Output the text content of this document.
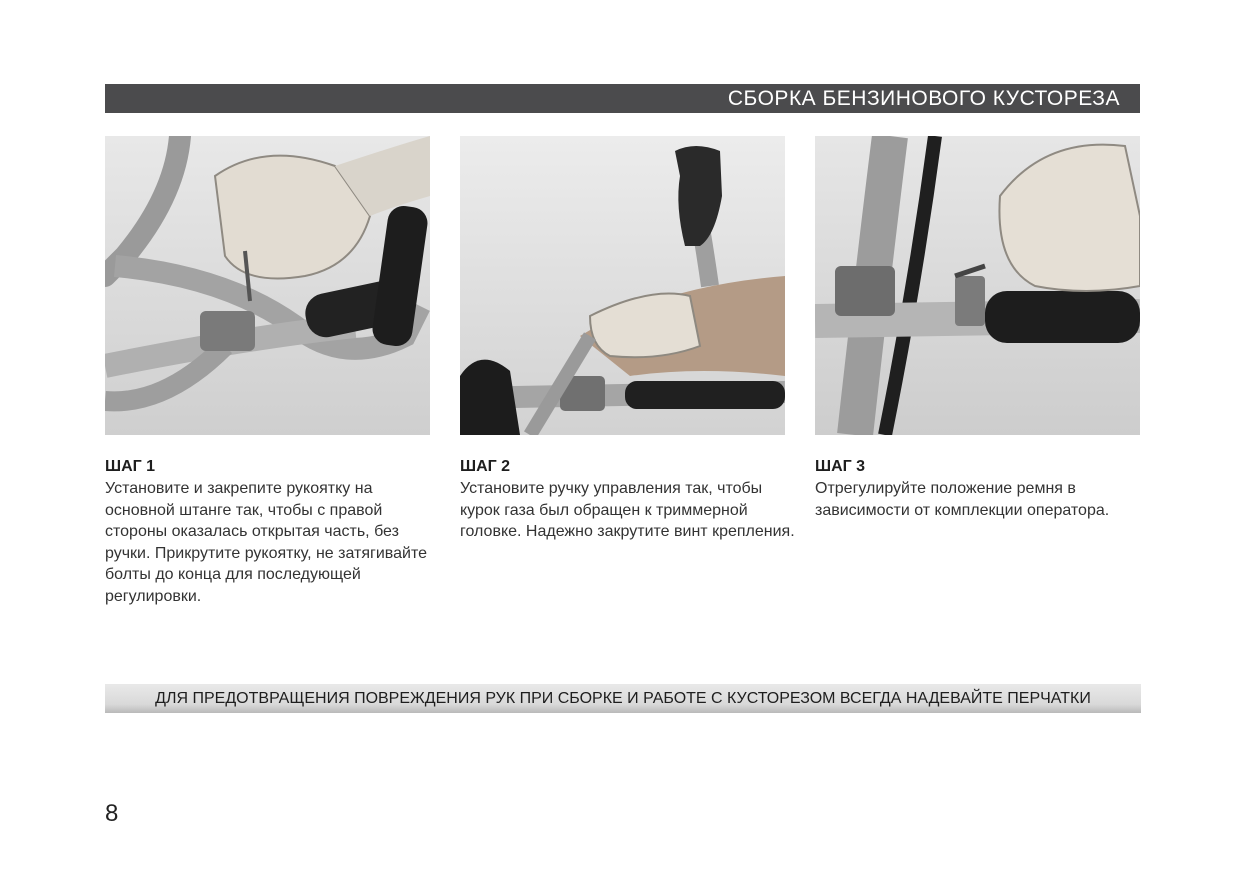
СБОРКА БЕНЗИНОВОГО КУСТОРЕЗА
ШАГ 1
Установите и закрепите рукоятку на основной штанге так, чтобы с правой стороны оказалась открытая часть, без ручки. Прикрутите рукоятку, не затягивайте болты до конца для последующей регулировки.
ШАГ 2
Установите ручку управления так, чтобы курок газа был обращен к триммерной головке. Надежно закрутите винт крепления.
ШАГ 3
Отрегулируйте положение ремня в зависимости от комплекции оператора.
ДЛЯ ПРЕДОТВРАЩЕНИЯ ПОВРЕЖДЕНИЯ РУК ПРИ СБОРКЕ И РАБОТЕ С КУСТОРЕЗОМ ВСЕГДА НАДЕВАЙТЕ ПЕРЧАТКИ
8
